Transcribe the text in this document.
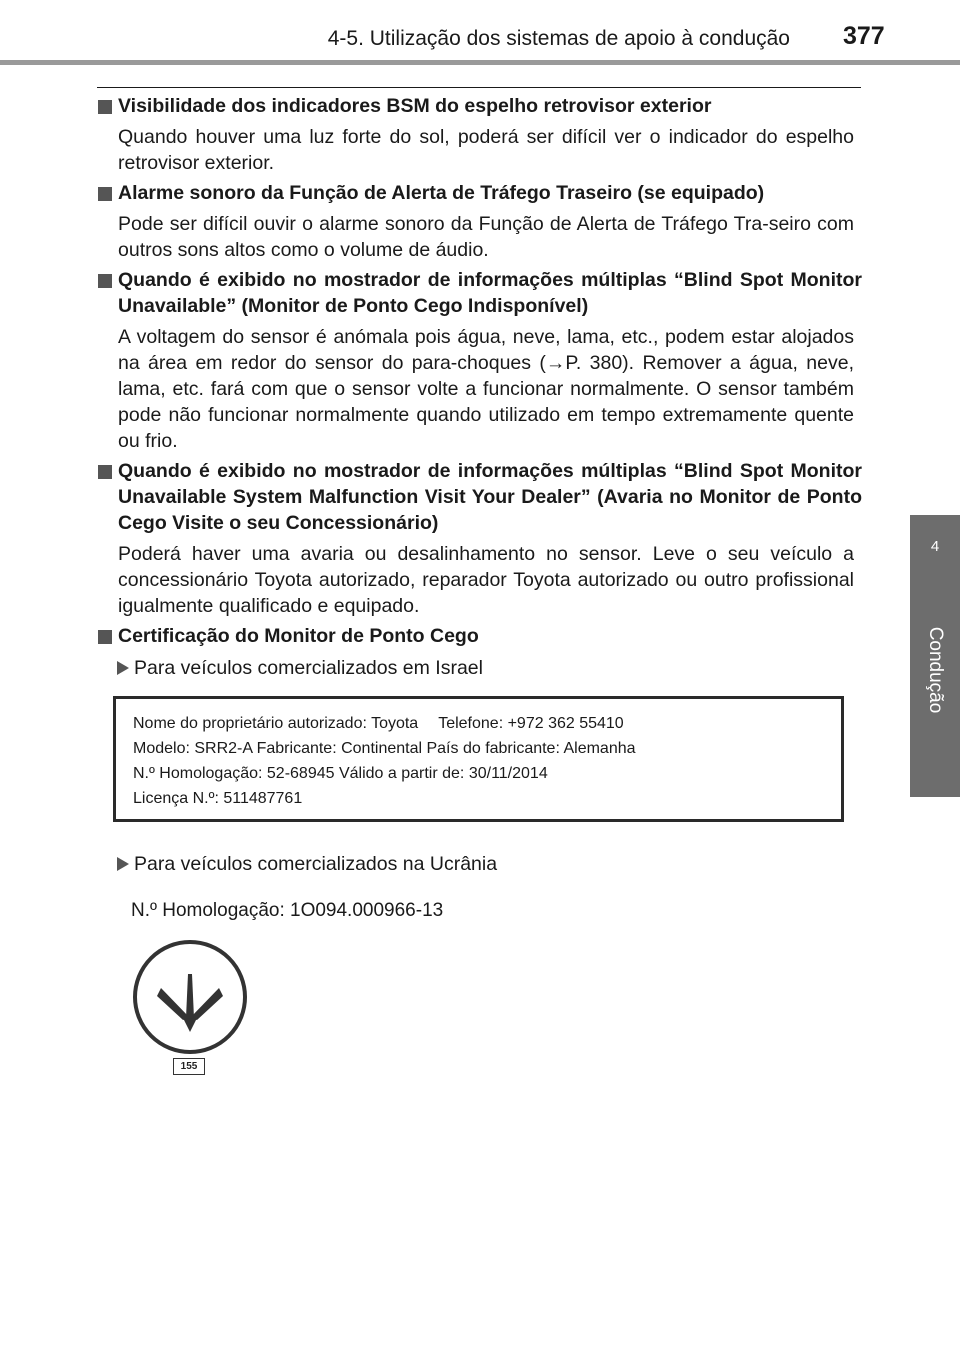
4-5. Utilização dos sistemas de apoio à condução 377
4
Condução
Visibilidade dos indicadores BSM do espelho retrovisor exterior
Quando houver uma luz forte do sol, poderá ser difícil ver o indicador do espelho retrovisor exterior.
Alarme sonoro da Função de Alerta de Tráfego Traseiro (se equipado)
Pode ser difícil ouvir o alarme sonoro da Função de Alerta de Tráfego Tra-seiro com outros sons altos como o volume de áudio.
Quando é exibido no mostrador de informações múltiplas “Blind Spot Monitor Unavailable” (Monitor de Ponto Cego Indisponível)
A voltagem do sensor é anómala pois água, neve, lama, etc., podem estar alojados na área em redor do sensor do para-choques (→P. 380). Remover a água, neve, lama, etc. fará com que o sensor volte a funcionar normalmente. O sensor também pode não funcionar normalmente quando utilizado em tempo extremamente quente ou frio.
Quando é exibido no mostrador de informações múltiplas “Blind Spot Monitor Unavailable System Malfunction Visit Your Dealer” (Avaria no Monitor de Ponto Cego Visite o seu Concessionário)
Poderá haver uma avaria ou desalinhamento no sensor. Leve o seu veículo a concessionário Toyota autorizado, reparador Toyota autorizado ou outro profissional igualmente qualificado e equipado.
Certificação do Monitor de Ponto Cego
Para veículos comercializados em Israel
Nome do proprietário autorizado: Toyota Telefone: +972 362 55410
Modelo: SRR2-A Fabricante: Continental País do fabricante: Alemanha
N.º Homologação: 52-68945 Válido a partir de: 30/11/2014
Licença N.º: 511487761
Para veículos comercializados na Ucrânia
N.º Homologação: 1O094.000966-13
155
